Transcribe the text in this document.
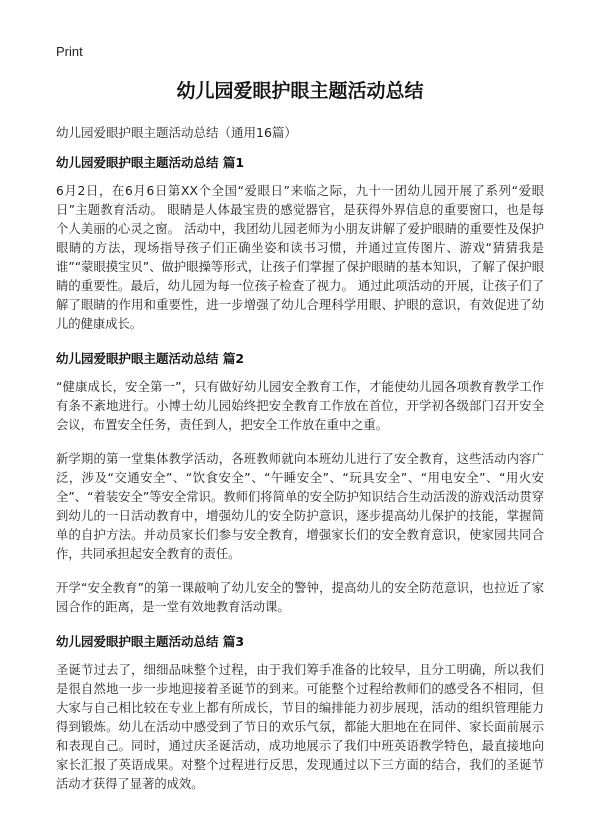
Print
幼儿园爱眼护眼主题活动总结
幼儿园爱眼护眼主题活动总结（通用16篇）
幼儿园爱眼护眼主题活动总结 篇1

6月2日，在6月6日第XX个全国“爱眼日”来临之际，九十一团幼儿园开展了系列“爱眼日”主题教育活动。 眼睛是人体最宝贵的感觉器官，是获得外界信息的重要窗口，也是每个人美丽的心灵之窗。 活动中，我团幼儿园老师为小朋友讲解了爱护眼睛的重要性及保护眼睛的方法，现场指导孩子们正确坐姿和读书习惯，并通过宣传图片、游戏“猜猜我是谁”“蒙眼摸宝贝”、做护眼操等形式，让孩子们掌握了保护眼睛的基本知识，了解了保护眼睛的重要性。最后，幼儿园为每一位孩子检查了视力。 通过此项活动的开展，让孩子们了解了眼睛的作用和重要性，进一步增强了幼儿合理科学用眼、护眼的意识，有效促进了幼儿的健康成长。

幼儿园爱眼护眼主题活动总结 篇2

“健康成长，安全第一”，只有做好幼儿园安全教育工作，才能使幼儿园各项教育教学工作有条不紊地进行。小博士幼儿园始终把安全教育工作放在首位，开学初各级部门召开安全会议，布置安全任务，责任到人，把安全工作放在重中之重。

新学期的第一堂集体教学活动，各班教师就向本班幼儿进行了安全教育，这些活动内容广泛，涉及“交通安全”、“饮食安全”、“午睡安全”、“玩具安全”、“用电安全”、“用火安全”、“着装安全”等安全常识。教师们将简单的安全防护知识结合生动活泼的游戏活动贯穿到幼儿的一日活动教育中，增强幼儿的安全防护意识，逐步提高幼儿保护的技能，掌握简单的自护方法。并动员家长们参与安全教育，增强家长们的安全教育意识，使家园共同合作，共同承担起安全教育的责任。

开学“安全教育”的第一课敲响了幼儿安全的警钟，提高幼儿的安全防范意识，也拉近了家园合作的距离，是一堂有效地教育活动课。

幼儿园爱眼护眼主题活动总结 篇3

圣诞节过去了，细细品味整个过程，由于我们筹手准备的比较早，且分工明确，所以我们是很自然地一步一步地迎接着圣诞节的到来。可能整个过程给教师们的感受各不相同，但大家与自己相比较在专业上都有所成长，节目的编排能力初步展现，活动的组织管理能力得到锻炼。幼儿在活动中感受到了节日的欢乐气氛，都能大胆地在在同伴、家长面前展示和表现自己。同时，通过庆圣诞活动，成功地展示了我们中班英语教学特色，最直接地向家长汇报了英语成果。对整个过程进行反思，发现通过以下三方面的结合，我们的圣诞节活动才获得了显著的成效。
